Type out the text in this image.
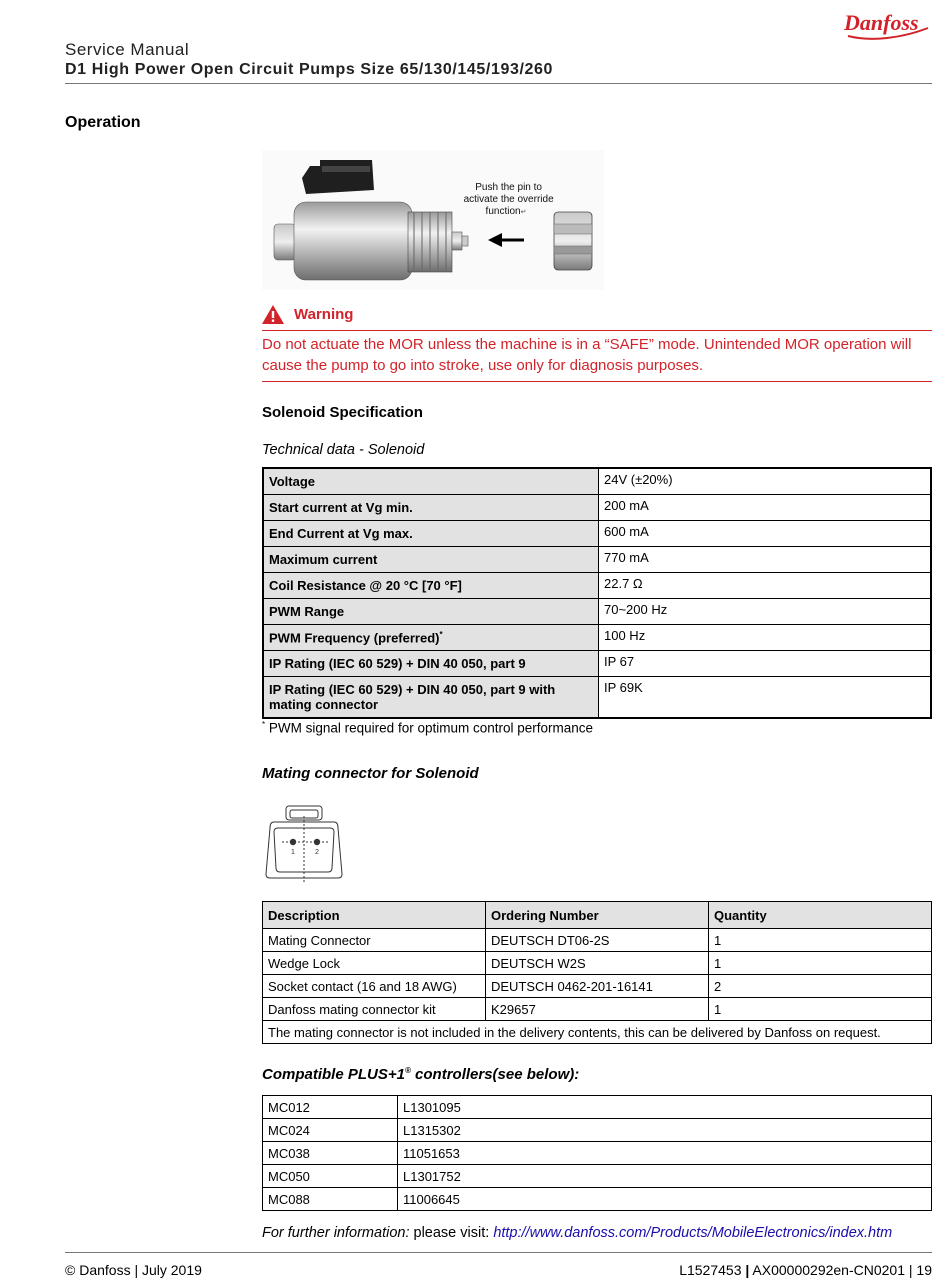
Danfoss
Service Manual
D1 High Power Open Circuit Pumps Size 65/130/145/193/260
Operation
Push the pin to activate the override function↵
Warning
Do not actuate the MOR unless the machine is in a “SAFE” mode. Unintended MOR operation will cause the pump to go into stroke, use only for diagnosis purposes.
Solenoid Specification
Technical data - Solenoid
Voltage	24V (±20%)
Start current at Vg min.	200 mA
End Current at Vg max.	600 mA
Maximum current	770 mA
Coil Resistance @ 20 °C [70 °F]	22.7 Ω
PWM Range	70~200 Hz
PWM Frequency (preferred)*	100 Hz
IP Rating (IEC 60 529) + DIN 40 050, part 9	IP 67
IP Rating (IEC 60 529) + DIN 40 050, part 9 with mating connector	IP 69K
* PWM signal required for optimum control performance
Mating connector for Solenoid
1	2
Description	Ordering Number	Quantity
Mating Connector	DEUTSCH DT06-2S	1
Wedge Lock	DEUTSCH W2S	1
Socket contact (16 and 18 AWG)	DEUTSCH 0462-201-16141	2
Danfoss mating connector kit	K29657	1
The mating connector is not included in the delivery contents, this can be delivered by Danfoss on request.		
Compatible PLUS+1® controllers(see below):
MC012	L1301095
MC024	L1315302
MC038	11051653
MC050	L1301752
MC088	11006645
For further information: please visit: http://www.danfoss.com/Products/MobileElectronics/index.htm
© Danfoss | July 2019	L1527453 | AX00000292en-CN0201 | 19
